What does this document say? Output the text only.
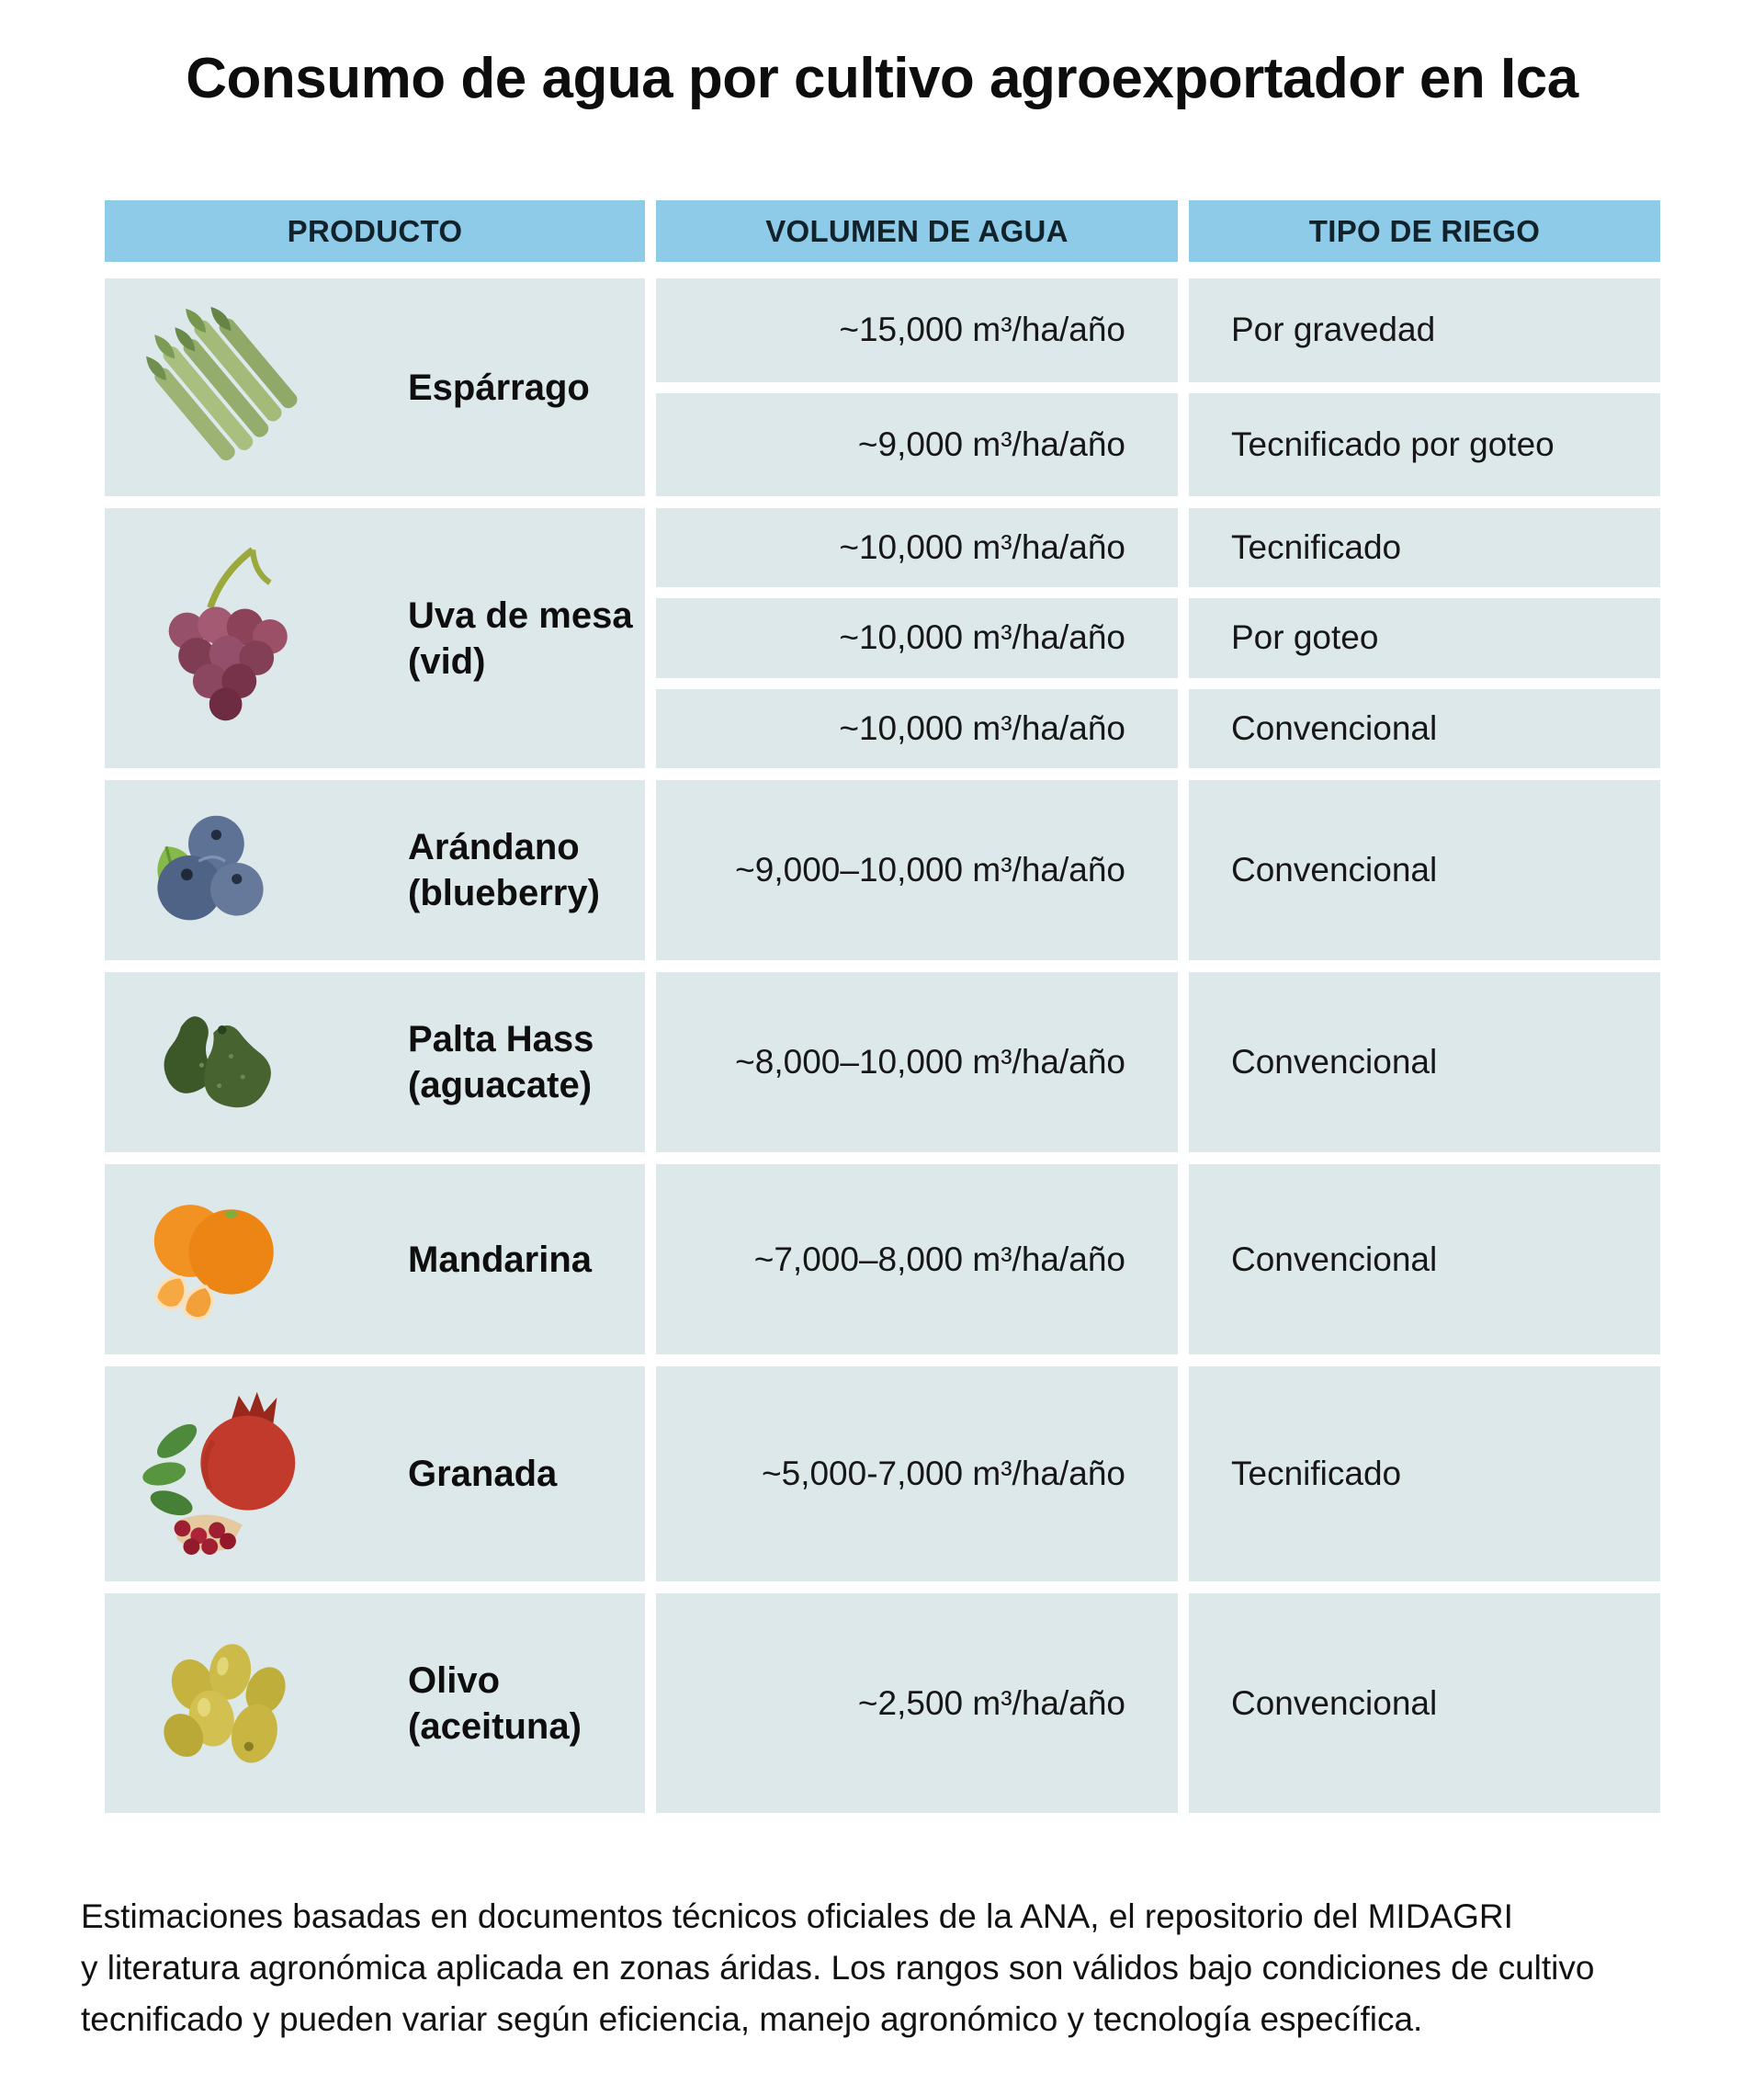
Consumo de agua por cultivo agroexportador en Ica
PRODUCTO	VOLUMEN DE AGUA	TIPO DE RIEGO
Espárrago
~15,000 m³/ha/año	Por gravedad
~9,000 m³/ha/año	Tecnificado por goteo
Uva de mesa
(vid)
~10,000 m³/ha/año	Tecnificado
~10,000 m³/ha/año	Por goteo
~10,000 m³/ha/año	Convencional
Arándano
(blueberry)
~9,000–10,000 m³/ha/año	Convencional
Palta Hass
(aguacate)
~8,000–10,000 m³/ha/año	Convencional
Mandarina	~7,000–8,000 m³/ha/año	Convencional
Granada	~5,000-7,000 m³/ha/año	Tecnificado
Olivo
(aceituna)
~2,500 m³/ha/año	Convencional
Estimaciones basadas en documentos técnicos oficiales de la ANA, el repositorio del MIDAGRI
y literatura agronómica aplicada en zonas áridas. Los rangos son válidos bajo condiciones de cultivo
tecnificado y pueden variar según eficiencia, manejo agronómico y tecnología específica.
